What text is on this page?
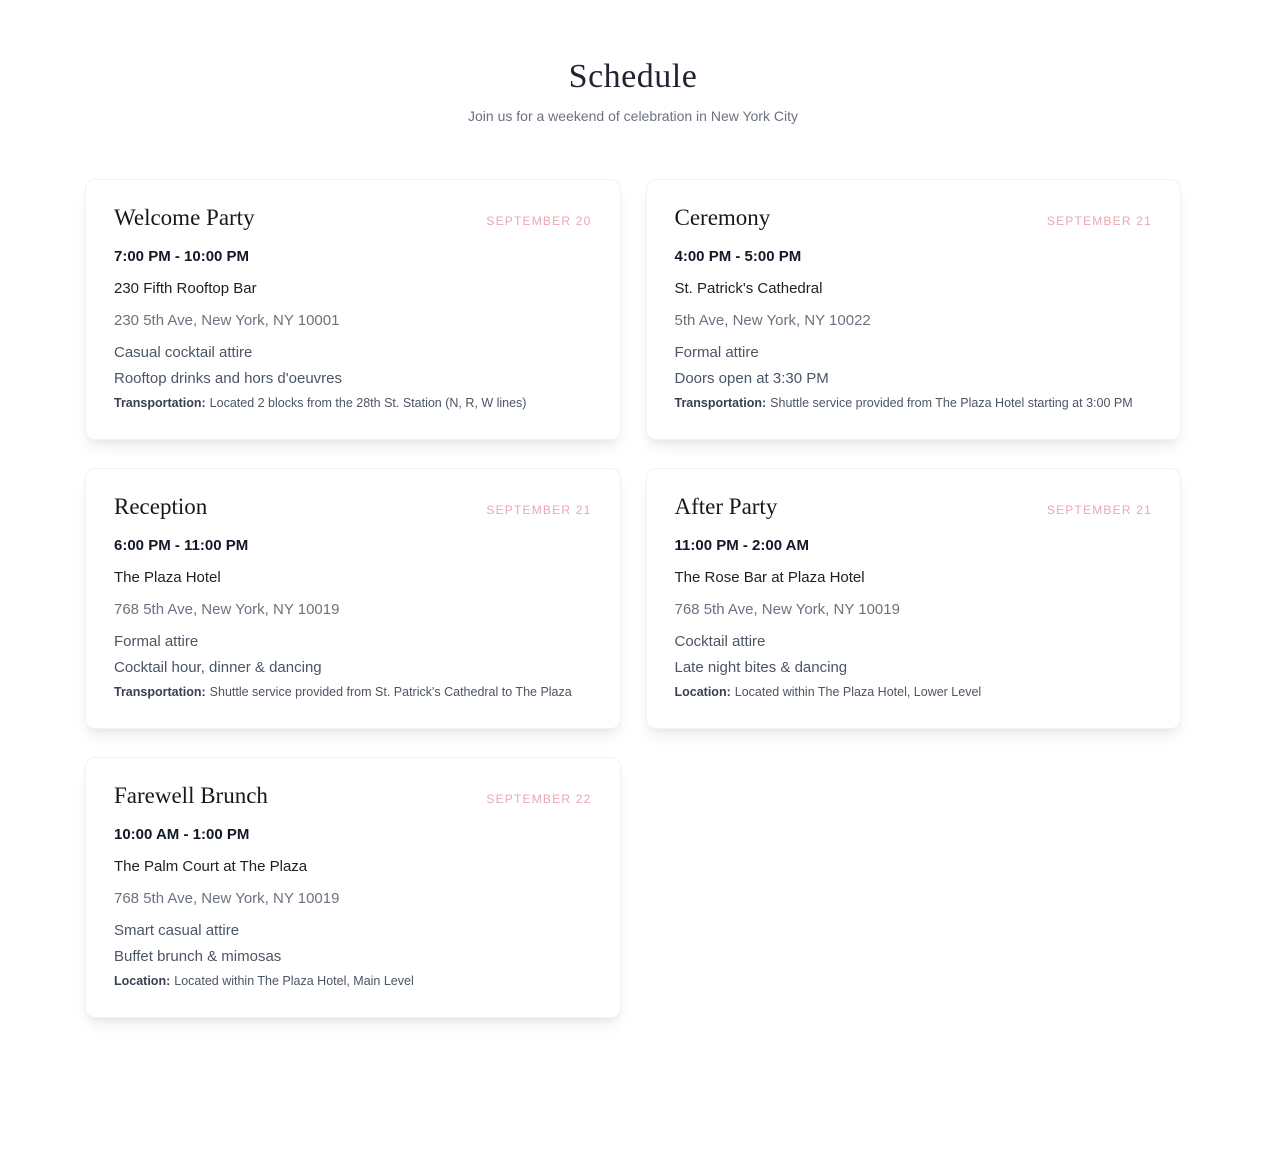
Schedule

Join us for a weekend of celebration in New York City

Welcome Party	SEPTEMBER 20

7:00 PM - 10:00 PM

230 Fifth Rooftop Bar

230 5th Ave, New York, NY 10001

Casual cocktail attire

Rooftop drinks and hors d'oeuvres

Transportation: Located 2 blocks from the 28th St. Station (N, R, W lines)

Ceremony	SEPTEMBER 21

4:00 PM - 5:00 PM

St. Patrick's Cathedral

5th Ave, New York, NY 10022

Formal attire

Doors open at 3:30 PM

Transportation: Shuttle service provided from The Plaza Hotel starting at 3:00 PM

Reception	SEPTEMBER 21

6:00 PM - 11:00 PM

The Plaza Hotel

768 5th Ave, New York, NY 10019

Formal attire

Cocktail hour, dinner & dancing

Transportation: Shuttle service provided from St. Patrick's Cathedral to The Plaza

After Party	SEPTEMBER 21

11:00 PM - 2:00 AM

The Rose Bar at Plaza Hotel

768 5th Ave, New York, NY 10019

Cocktail attire

Late night bites & dancing

Location: Located within The Plaza Hotel, Lower Level

Farewell Brunch	SEPTEMBER 22

10:00 AM - 1:00 PM

The Palm Court at The Plaza

768 5th Ave, New York, NY 10019

Smart casual attire

Buffet brunch & mimosas

Location: Located within The Plaza Hotel, Main Level
